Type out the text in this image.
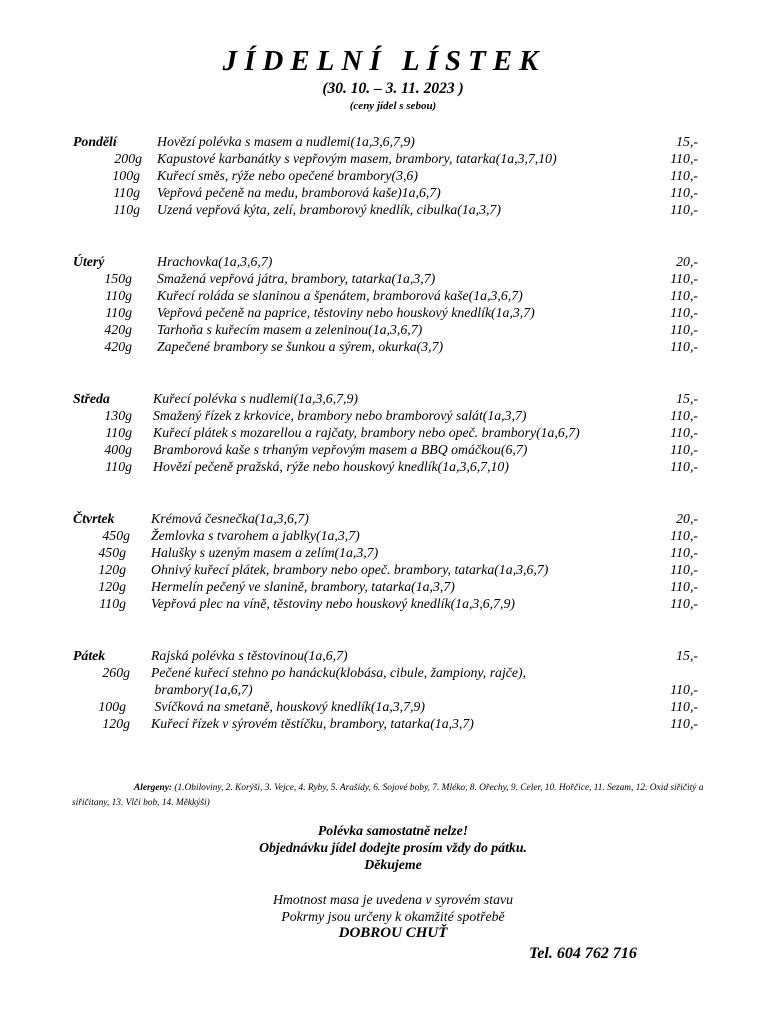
JÍDELNÍ LÍSTEK
(30. 10. – 3. 11. 2023 )
(ceny jídel s sebou)
Pondělí	Hovězí polévka s masem a nudlemi(1a,3,6,7,9)	15,-
200g Kapustové karbanátky s vepřovým masem, brambory, tatarka(1a,3,7,10)	110,-
100g Kuřecí směs, rýže nebo opečené brambory(3,6)	110,-
110g Vepřová pečeně na medu, bramborová kaše)1a,6,7)	110,-
110g Uzená vepřová kýta, zelí, bramborový knedlík, cibulka(1a,3,7)	110,-
Úterý	Hrachovka(1a,3,6,7)	20,-
150g Smažená vepřová játra, brambory, tatarka(1a,3,7)	110,-
110g Kuřecí roláda se slaninou a špenátem, bramborová kaše(1a,3,6,7)	110,-
110g Vepřová pečeně na paprice, těstoviny nebo houskový knedlík(1a,3,7)	110,-
420g Tarhoňa s kuřecím masem a zeleninou(1a,3,6,7)	110,-
420g Zapečené brambory se šunkou a sýrem, okurka(3,7)	110,-
Středa	Kuřecí polévka s nudlemi(1a,3,6,7,9)	15,-
130g Smažený řízek z krkovice, brambory nebo bramborový salát(1a,3,7)	110,-
110g Kuřecí plátek s mozarellou a rajčaty, brambory nebo opeč. brambory(1a,6,7)	110,-
400g Bramborová kaše s trhaným vepřovým masem a BBQ omáčkou(6,7)	110,-
110g Hovězí pečeně pražská, rýže nebo houskový knedlík(1a,3,6,7,10)	110,-
Čtvrtek	Krémová česnečka(1a,3,6,7)	20,-
450g Žemlovka s tvarohem a jablky(1a,3,7)	110,-
450g Halušky s uzeným masem a zelím(1a,3,7)	110,-
120g Ohnivý kuřecí plátek, brambory nebo opeč. brambory, tatarka(1a,3,6,7)	110,-
120g Hermelín pečený ve slanině, brambory, tatarka(1a,3,7)	110,-
110g Vepřová plec na víně, těstoviny nebo houskový knedlík(1a,3,6,7,9)	110,-
Pátek	Rajská polévka s těstovinou(1a,6,7)	15,-
260g Pečené kuřecí stehno po hanácku(klobása, cibule, žampiony, rajče),
brambory(1a,6,7)	110,-
100g Svíčková na smetaně, houskový knedlík(1a,3,7,9)	110,-
120g Kuřecí řízek v sýrovém těstíčku, brambory, tatarka(1a,3,7)	110,-
Alergeny: (1.Obiloviny, 2. Korýši, 3. Vejce, 4. Ryby, 5. Arašídy, 6. Sojové boby, 7. Mléko, 8. Ořechy, 9. Celer, 10. Hořčice, 11. Sezam, 12. Oxid siřičitý a siřičitany, 13. Vlčí bob, 14. Měkkýši)
Polévka samostatně nelze!
Objednávku jídel dodejte prosím vždy do pátku.
Děkujeme
Hmotnost masa je uvedena v syrovém stavu
Pokrmy jsou určeny k okamžité spotřebě
DOBROU CHUŤ
Tel. 604 762 716
